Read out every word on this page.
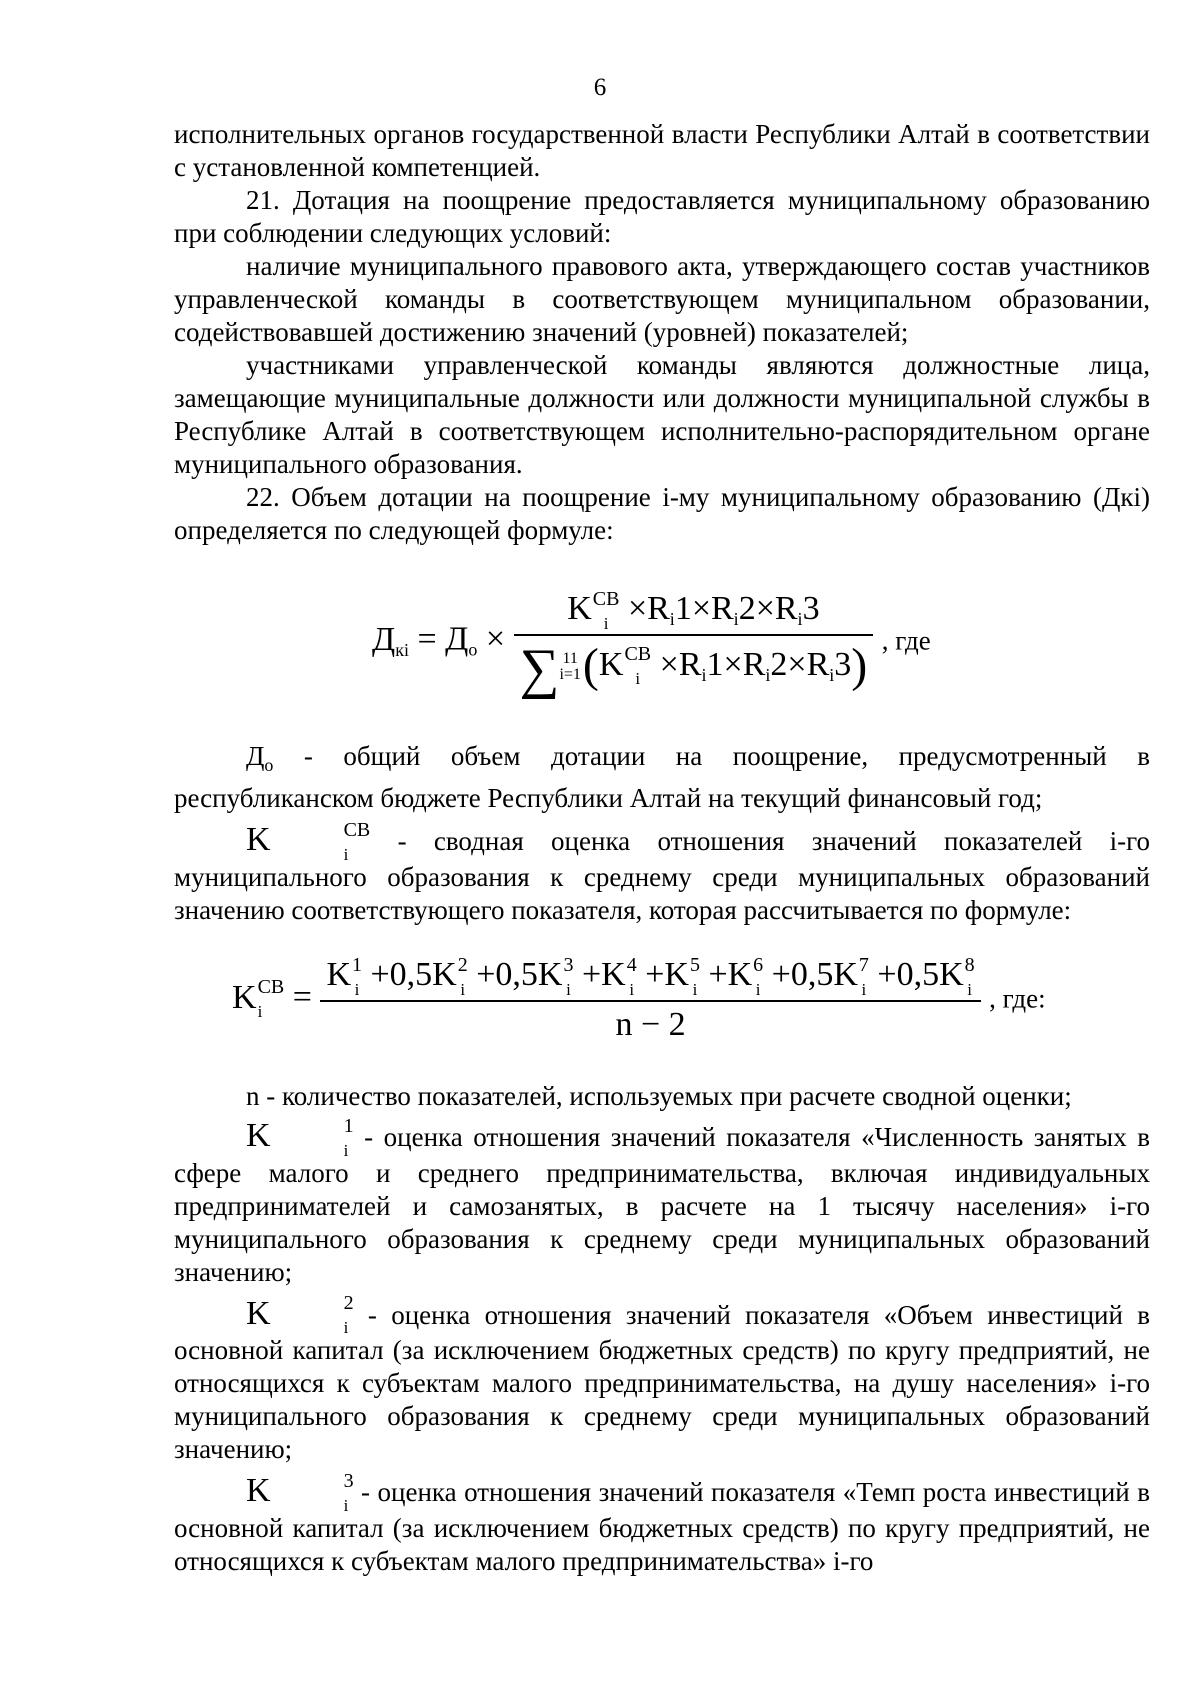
6

исполнительных органов государственной власти Республики Алтай в соответствии с установленной компетенцией.

21. Дотация на поощрение предоставляется муниципальному образованию при соблюдении следующих условий:

наличие муниципального правового акта, утверждающего состав участников управленческой команды в соответствующем муниципальном образовании, содействовавшей достижению значений (уровней) показателей;

участниками управленческой команды являются должностные лица, замещающие муниципальные должности или должности муниципальной службы в Республике Алтай в соответствующем исполнительно-распорядительном органе муниципального образования.

22. Объем дотации на поощрение i-му муниципальному образованию (Дкі) определяется по следующей формуле:

$Д_{кі} = Д_о \times K$ СВ
$i \times R_i1\times R_i2\times R_i3$
∑ 11
i=1 (K СВ
$i \times R_i1\times R_i2\times R_i3$) , где

$Д_о$ - общий объем дотации на поощрение, предусмотренный в республиканском бюджете Республики Алтай на текущий финансовый год;

K	СВ
i - сводная оценка отношения значений показателей i-го муниципального образования к среднему среди муниципальных образований значению соответствующего показателя, которая рассчитывается по формуле:

K СВ
i = K 1
i +0,5K 2
i +0,5K 3
i +K 4
i +K 5
i +K 6
i +0,5K 7
i +0,5K 8
i
n − 2 , где:

n - количество показателей, используемых при расчете сводной оценки;

K	1
i - оценка отношения значений показателя «Численность занятых в сфере малого и среднего предпринимательства, включая индивидуальных предпринимателей и самозанятых, в расчете на 1 тысячу населения» і-го муниципального образования к среднему среди муниципальных образований значению;

K	2
i - оценка отношения значений показателя «Объем инвестиций в основной капитал (за исключением бюджетных средств) по кругу предприятий, не относящихся к субъектам малого предпринимательства, на душу населения» і-го муниципального образования к среднему среди муниципальных образований значению;

K	3
i - оценка отношения значений показателя «Темп роста инвестиций в основной капитал (за исключением бюджетных средств) по кругу предприятий, не относящихся к субъектам малого предпринимательства» і-го
